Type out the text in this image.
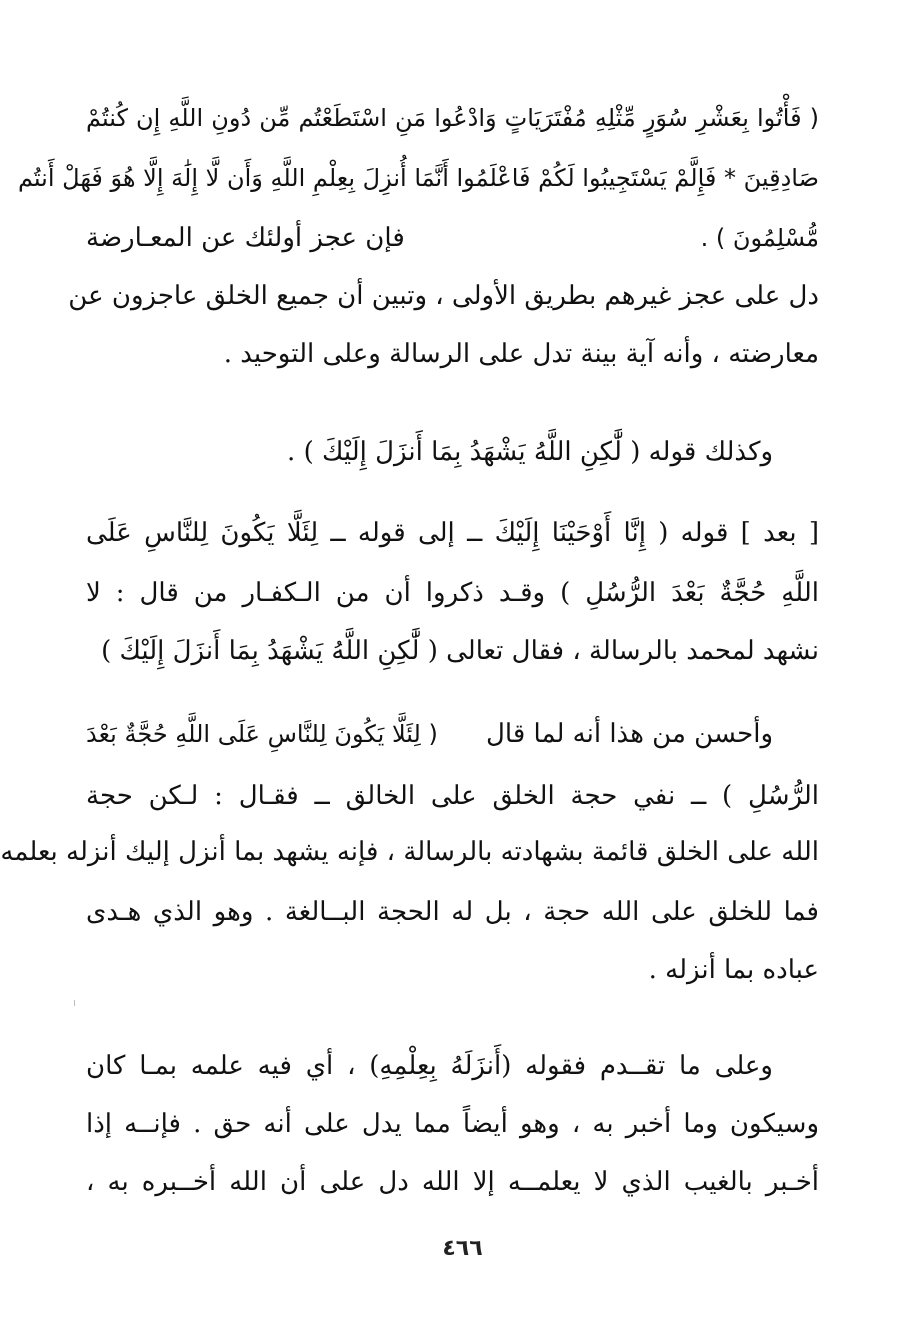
( فَأْتُوا بِعَشْرِ سُوَرٍ مِّثْلِهِ مُفْتَرَيَاتٍ وَادْعُوا مَنِ اسْتَطَعْتُم مِّن دُونِ اللَّهِ إِن كُنتُمْ
صَادِقِينَ * فَإِلَّمْ يَسْتَجِيبُوا لَكُمْ فَاعْلَمُوا أَنَّمَا أُنزِلَ بِعِلْمِ اللَّهِ وَأَن لَّا إِلَٰهَ إِلَّا هُوَ فَهَلْ أَنتُم
مُّسْلِمُونَ ) .
فإن عجز أولئك عن المعـارضة
دل على عجز غيرهم بطريق الأولى ، وتبين أن جميع الخلق عاجزون عن
معارضته ، وأنه آية بينة تدل على الرسالة وعلى التوحيد .
وكذلك قوله ( لَّٰكِنِ اللَّهُ يَشْهَدُ بِمَا أَنزَلَ إِلَيْكَ ) .
[ بعد ] قوله ( إِنَّا أَوْحَيْنَا إِلَيْكَ ــ إلى قوله ــ لِئَلَّا يَكُونَ لِلنَّاسِ عَلَى
اللَّهِ حُجَّةٌ بَعْدَ الرُّسُلِ ) وقـد ذكروا أن من الـكفـار من قال : لا
نشهد لمحمد بالرسالة ، فقال تعالى ( لَّٰكِنِ اللَّهُ يَشْهَدُ بِمَا أَنزَلَ إِلَيْكَ )
وأحسن من هذا أنه لما قال
( لِئَلَّا يَكُونَ لِلنَّاسِ عَلَى اللَّهِ حُجَّةٌ بَعْدَ
الرُّسُلِ ) ــ نفي حجة الخلق على الخالق ــ فقـال : لـكن حجة
الله على الخلق قائمة بشهادته بالرسالة ، فإنه يشهد بما أنزل إليك أنزله بعلمه
فما للخلق على الله حجة ، بل له الحجة البــالغة . وهو الذي هـدى
عباده بما أنزله .
وعلى ما تقــدم فقوله (أَنزَلَهُ بِعِلْمِهِ) ، أي فيه علمه بمـا كان
وسيكون وما أخبر به ، وهو أيضاً مما يدل على أنه حق . فإنــه إذا
أخـبر بالغيب الذي لا يعلمــه إلا الله دل على أن الله أخــبره به ،
٤٦٦
